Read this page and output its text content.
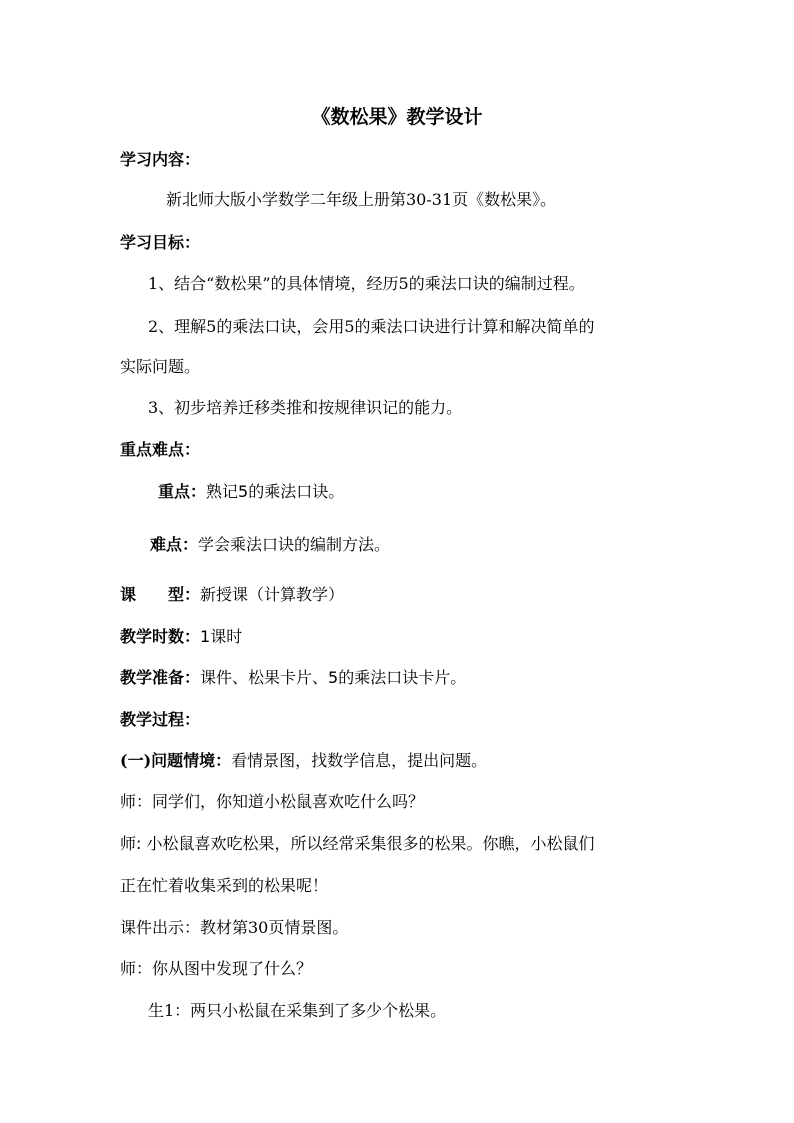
《数松果》教学设计
学习内容：
新北师大版小学数学二年级上册第30-31页《数松果》。
学习目标：
1、结合“数松果”的具体情境，经历5的乘法口诀的编制过程。
2、理解5的乘法口诀，会用5的乘法口诀进行计算和解决简单的
实际问题。
3、初步培养迁移类推和按规律识记的能力。
重点难点：
重点：熟记5的乘法口诀。
难点：学会乘法口诀的编制方法。
课　　型：新授课（计算教学）
教学时数：1课时
教学准备：课件、松果卡片、5的乘法口诀卡片。
教学过程：
(一)问题情境：看情景图，找数学信息，提出问题。
师：同学们，你知道小松鼠喜欢吃什么吗？
师: 小松鼠喜欢吃松果，所以经常采集很多的松果。你瞧，小松鼠们
正在忙着收集采到的松果呢！
课件出示：教材第30页情景图。
师：你从图中发现了什么？
生1：两只小松鼠在采集到了多少个松果。
